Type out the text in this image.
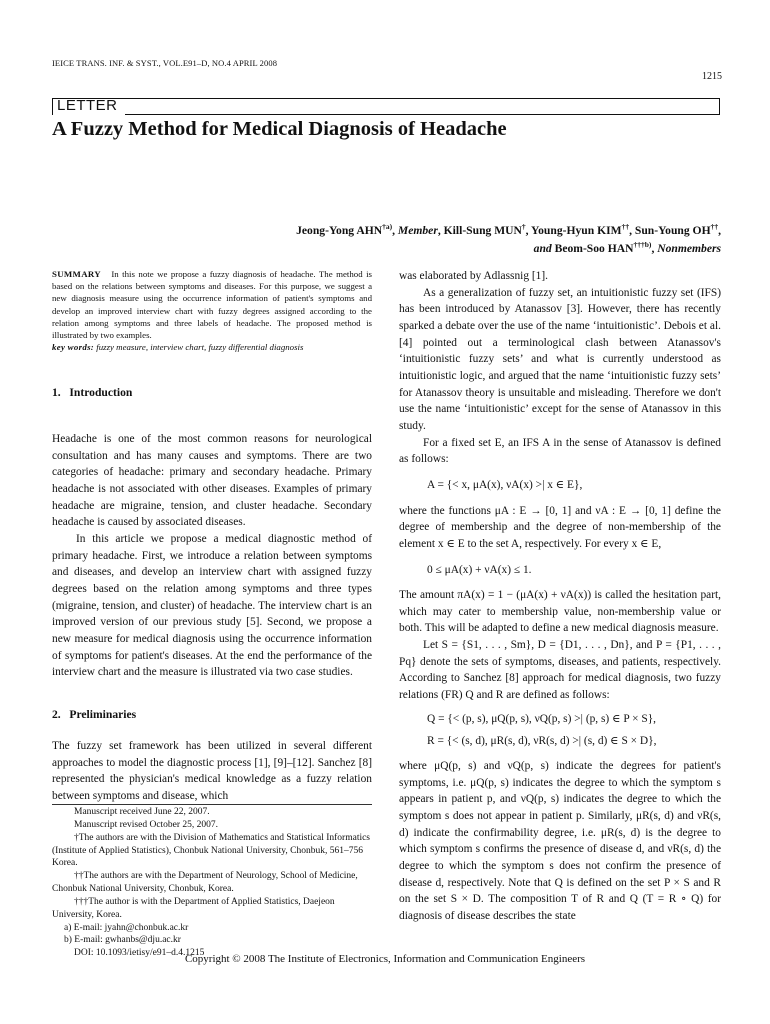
IEICE TRANS. INF. & SYST., VOL.E91–D, NO.4 APRIL 2008
1215
LETTER
A Fuzzy Method for Medical Diagnosis of Headache
Jeong-Yong AHN$^{\dagger a)}$, Member, Kill-Sung MUN†, Young-Hyun KIM††, Sun-Young OH††,
and Beom-Soo HAN$^{\dagger\dagger\dagger b)}$, Nonmembers
SUMMARY In this note we propose a fuzzy diagnosis of headache. The method is based on the relations between symptoms and diseases. For this purpose, we suggest a new diagnosis measure using the occurrence information of patient's symptoms and develop an improved interview chart with fuzzy degrees assigned according to the relation among symptoms and three labels of headache. The proposed method is illustrated by two examples.
key words: fuzzy measure, interview chart, fuzzy differential diagnosis
1.   Introduction

Headache is one of the most common reasons for neurological consultation and has many causes and symptoms. There are two categories of headache: primary and secondary headache. Primary headache is not associated with other diseases. Examples of primary headache are migraine, tension, and cluster headache. Secondary headache is caused by associated diseases.

In this article we propose a medical diagnostic method of primary headache. First, we introduce a relation between symptoms and diseases, and develop an interview chart with assigned fuzzy degrees based on the relation among symptoms and three types (migraine, tension, and cluster) of headache. The interview chart is an improved version of our previous study [5]. Second, we propose a new measure for medical diagnosis using the occurrence information of symptoms for patient's diseases. At the end the performance of the interview chart and the measure is illustrated via two case studies.

2.   Preliminaries

The fuzzy set framework has been utilized in several different approaches to model the diagnostic process [1], [9]–[12]. Sanchez [8] represented the physician's medical knowledge as a fuzzy relation between symptoms and disease, which

Manuscript received June 22, 2007.
Manuscript revised October 25, 2007.
†The authors are with the Division of Mathematics and Statistical Informatics (Institute of Applied Statistics), Chonbuk National University, Chonbuk, 561–756 Korea.
††The authors are with the Department of Neurology, School of Medicine, Chonbuk National University, Chonbuk, Korea.
†††The author is with the Department of Applied Statistics, Daejeon University, Korea.
a) E-mail: jyahn@chonbuk.ac.kr
b) E-mail: gwhanbs@dju.ac.kr
DOI: 10.1093/ietisy/e91–d.4.1215

was elaborated by Adlassnig [1].

As a generalization of fuzzy set, an intuitionistic fuzzy set (IFS) has been introduced by Atanassov [3]. However, there has recently sparked a debate over the use of the name ‘intuitionistic’. Debois et al.[4] pointed out a terminological clash between Atanassov's ‘intuitionistic fuzzy sets’ and what is currently understood as intuitionistic logic, and argued that the name ‘intuitionistic fuzzy sets’ for Atanassov theory is unsuitable and misleading. Therefore we don't use the name ‘intuitionistic’ except for the sense of Atanassov in this study.

For a fixed set E, an IFS A in the sense of Atanassov is defined as follows:

A = {< x, μA(x), νA(x) >| x ∈ E},

where the functions μA : E → [0, 1] and νA : E → [0, 1] define the degree of membership and the degree of non-membership of the element x ∈ E to the set A, respectively. For every x ∈ E,

0 ≤ μA(x) + νA(x) ≤ 1.

The amount πA(x) = 1 − (μA(x) + νA(x)) is called the hesitation part, which may cater to membership value, non-membership value or both. This will be adapted to define a new medical diagnosis measure.

Let S = {S1, . . . , Sm}, D = {D1, . . . , Dn}, and P = {P1, . . . , Pq} denote the sets of symptoms, diseases, and patients, respectively. According to Sanchez [8] approach for medical diagnosis, two fuzzy relations (FR) Q and R are defined as follows:

Q = {< (p, s), μQ(p, s), νQ(p, s) >| (p, s) ∈ P × S},

R = {< (s, d), μR(s, d), νR(s, d) >| (s, d) ∈ S × D},

where μQ(p, s) and νQ(p, s) indicate the degrees for patient's symptoms, i.e. μQ(p, s) indicates the degree to which the symptom s appears in patient p, and νQ(p, s) indicates the degree to which the symptom s does not appear in patient p. Similarly, μR(s, d) and νR(s, d) indicate the confirmability degree, i.e. μR(s, d) is the degree to which symptom s confirms the presence of disease d, and νR(s, d) the degree to which the symptom s does not confirm the presence of disease d, respectively. Note that Q is defined on the set P × S and R on the set S × D. The composition T of R and Q (T = R ∘ Q) for diagnosis of disease describes the state

Copyright © 2008 The Institute of Electronics, Information and Communication Engineers
